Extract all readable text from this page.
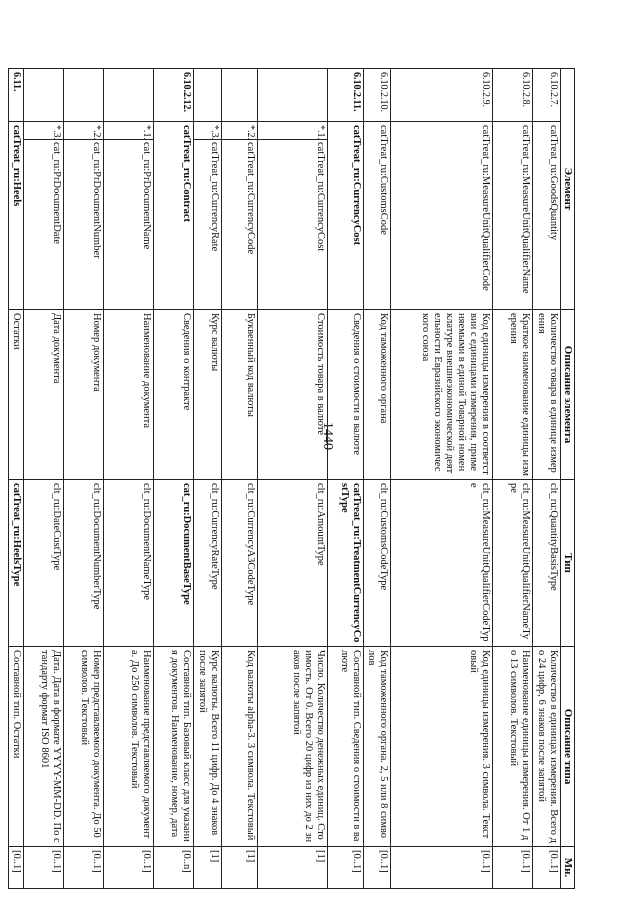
1440
Элемент			Описание элемента	Тип	Описание типа	Мн.
6.10.2.7.	catTreat_ru:GoodsQuantity		Количество товара в единице измерения	clt_ru:QuantityBasisType	Количество в единицах измерения. Всего до 24 цифр, 6 знаков после запятой	[0..1]
6.10.2.8.	catTreat_ru:MeasureUnitQualifierName		Краткое наименование единицы измерения	clt_ru:MeasureUnitQualifierNameType	Наименование единицы измерения. От 1 до 13 символов. Текстовый	[0..1]
6.10.2.9.	catTreat_ru:MeasureUnitQualifierCode		Код единицы измерения в соответствии с единицами измерения, применяемыми в единой Товарной номенклатуре внешнеэкономической деятельности Евразийского экономического союза	clt_ru:MeasureUnitQualifierCodeType	Код единицы измерения. 3 символа. Текстовый	[0..1]
6.10.2.10.	catTreat_ru:CustomsCode		Код таможенного органа	clt_ru:CustomsCodeType	Код таможенного органа. 2, 5 или 8 символов	[0..1]
6.10.2.11.	catTreat_ru:CurrencyCost		Сведения о стоимости в валюте	catTreat_ru:TreatmentCurrencyCostType	Составной тип. Сведения о стоимости в валюте	[0..1]
	*.1.	catTreat_ru:CurrencyCost	Стоимость товара в валюте	clt_ru:AmountType	Число. Количество денежных единиц. Стоимость. От 0. Всего 20 цифр из них до 2 знаков после запятой	[1]
	*.2.	catTreat_ru:CurrencyCode	Буквенный код валюты	clt_ru:CurrencyA3CodeType	Код валюты alpha-3. 3 символа. Текстовый	[1]
	*.3.	catTreat_ru:CurrencyRate	Курс валюты	clt_ru:CurrencyRateType	Курс валюты. Всего 11 цифр. До 4 знаков после запятой	[1]
6.10.2.12.	catTreat_ru:Contract		Сведения о контракте	cat_ru:DocumentBaseType	Составной тип. Базовый класс для указания документов. Наименование, номер, дата	[0..n]
	*.1.	cat_ru:PrDocumentName	Наименование документа	clt_ru:DocumentNameType	Наименование представляемого документа. До 250 символов. Текстовый	[0..1]
	*.2.	cat_ru:PrDocumentNumber	Номер документа	clt_ru:DocumentNumberType	Номер представляемого документа. До 50 символов. Текстовый	[0..1]
	*.3.	cat_ru:PrDocumentDate	Дата документа	clt_ru:DateCustType	Дата. Дата в формате YYYY-MM-DD. По стандарту формат ISO 8601	[0..1]
6.11.	catTreat_ru:Heels		Остатки	catTreat_ru:HeelsType	Составной тип. Остатки	[0..1]
